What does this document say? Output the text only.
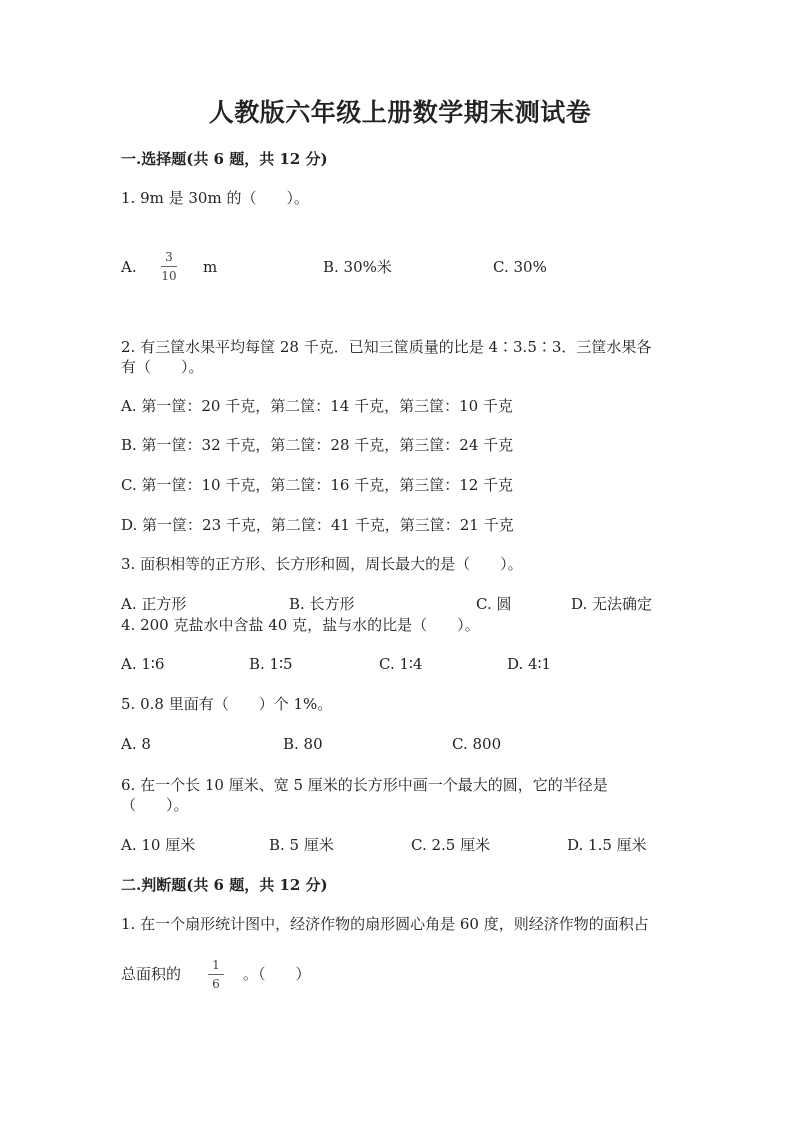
人教版六年级上册数学期末测试卷
一.选择题(共 6 题，共 12 分)
1. 9m 是 30m 的（　　）。
A.
3
10 m	B. 30%米	C. 30%
2. 有三筐水果平均每筐 28 千克．已知三筐质量的比是 4∶3.5∶3．三筐水果各
有（　　）。
A. 第一筐：20 千克，第二筐：14 千克，第三筐：10 千克
B. 第一筐：32 千克，第二筐：28 千克，第三筐：24 千克
C. 第一筐：10 千克，第二筐：16 千克，第三筐：12 千克
D. 第一筐：23 千克，第二筐：41 千克，第三筐：21 千克
3. 面积相等的正方形、长方形和圆，周长最大的是（　　）。
A. 正方形	B. 长方形	C. 圆	D. 无法确定
4. 200 克盐水中含盐 40 克，盐与水的比是（　　）。
A. 1∶6	B. 1∶5	C. 1∶4	D. 4∶1
5. 0.8 里面有（　　）个 1%。
A. 8	B. 80	C. 800
6. 在一个长 10 厘米、宽 5 厘米的长方形中画一个最大的圆，它的半径是
（　　）。
A. 10 厘米	B. 5 厘米	C. 2.5 厘米	D. 1.5 厘米
二.判断题(共 6 题，共 12 分)
1. 在一个扇形统计图中，经济作物的扇形圆心角是 60 度，则经济作物的面积占
总面积的	1
6
。（　　）
